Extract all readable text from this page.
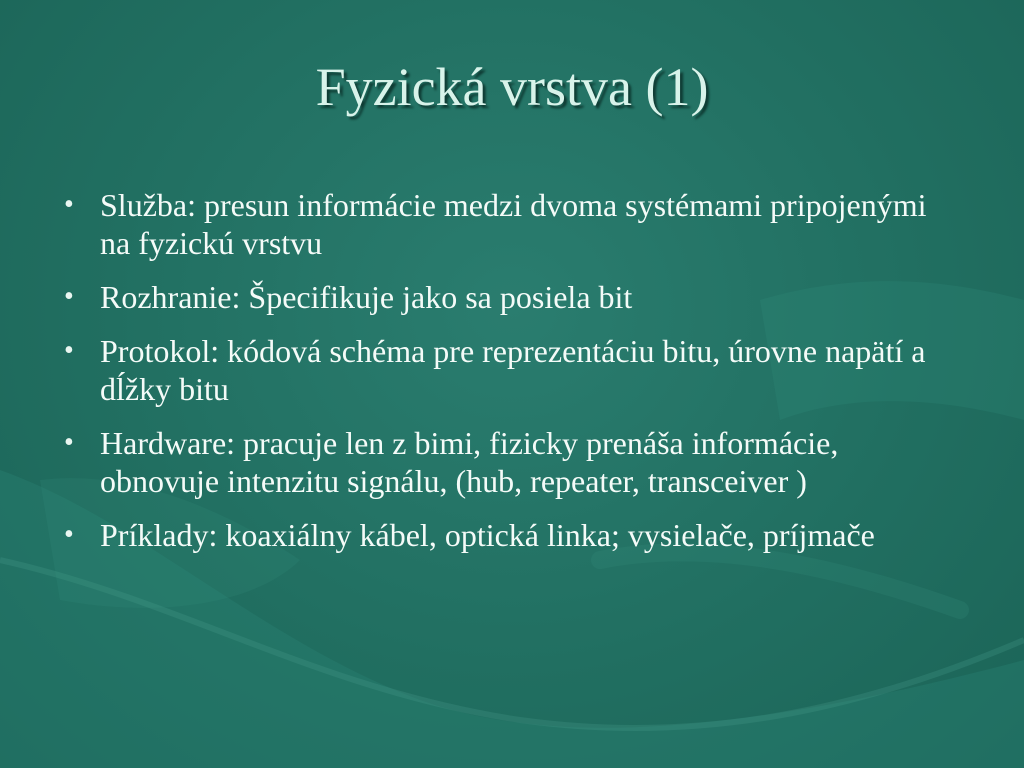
Fyzická vrstva (1)
• Služba: presun informácie medzi dvoma systémami pripojenými na fyzickú vrstvu
• Rozhranie: Špecifikuje jako sa posiela bit
• Protokol: kódová schéma pre reprezentáciu bitu, úrovne napätí a dĺžky bitu
• Hardware: pracuje len z bimi, fizicky prenáša informácie, obnovuje intenzitu signálu, (hub, repeater, transceiver )
• Príklady: koaxiálny kábel, optická linka; vysielače, príjmače
